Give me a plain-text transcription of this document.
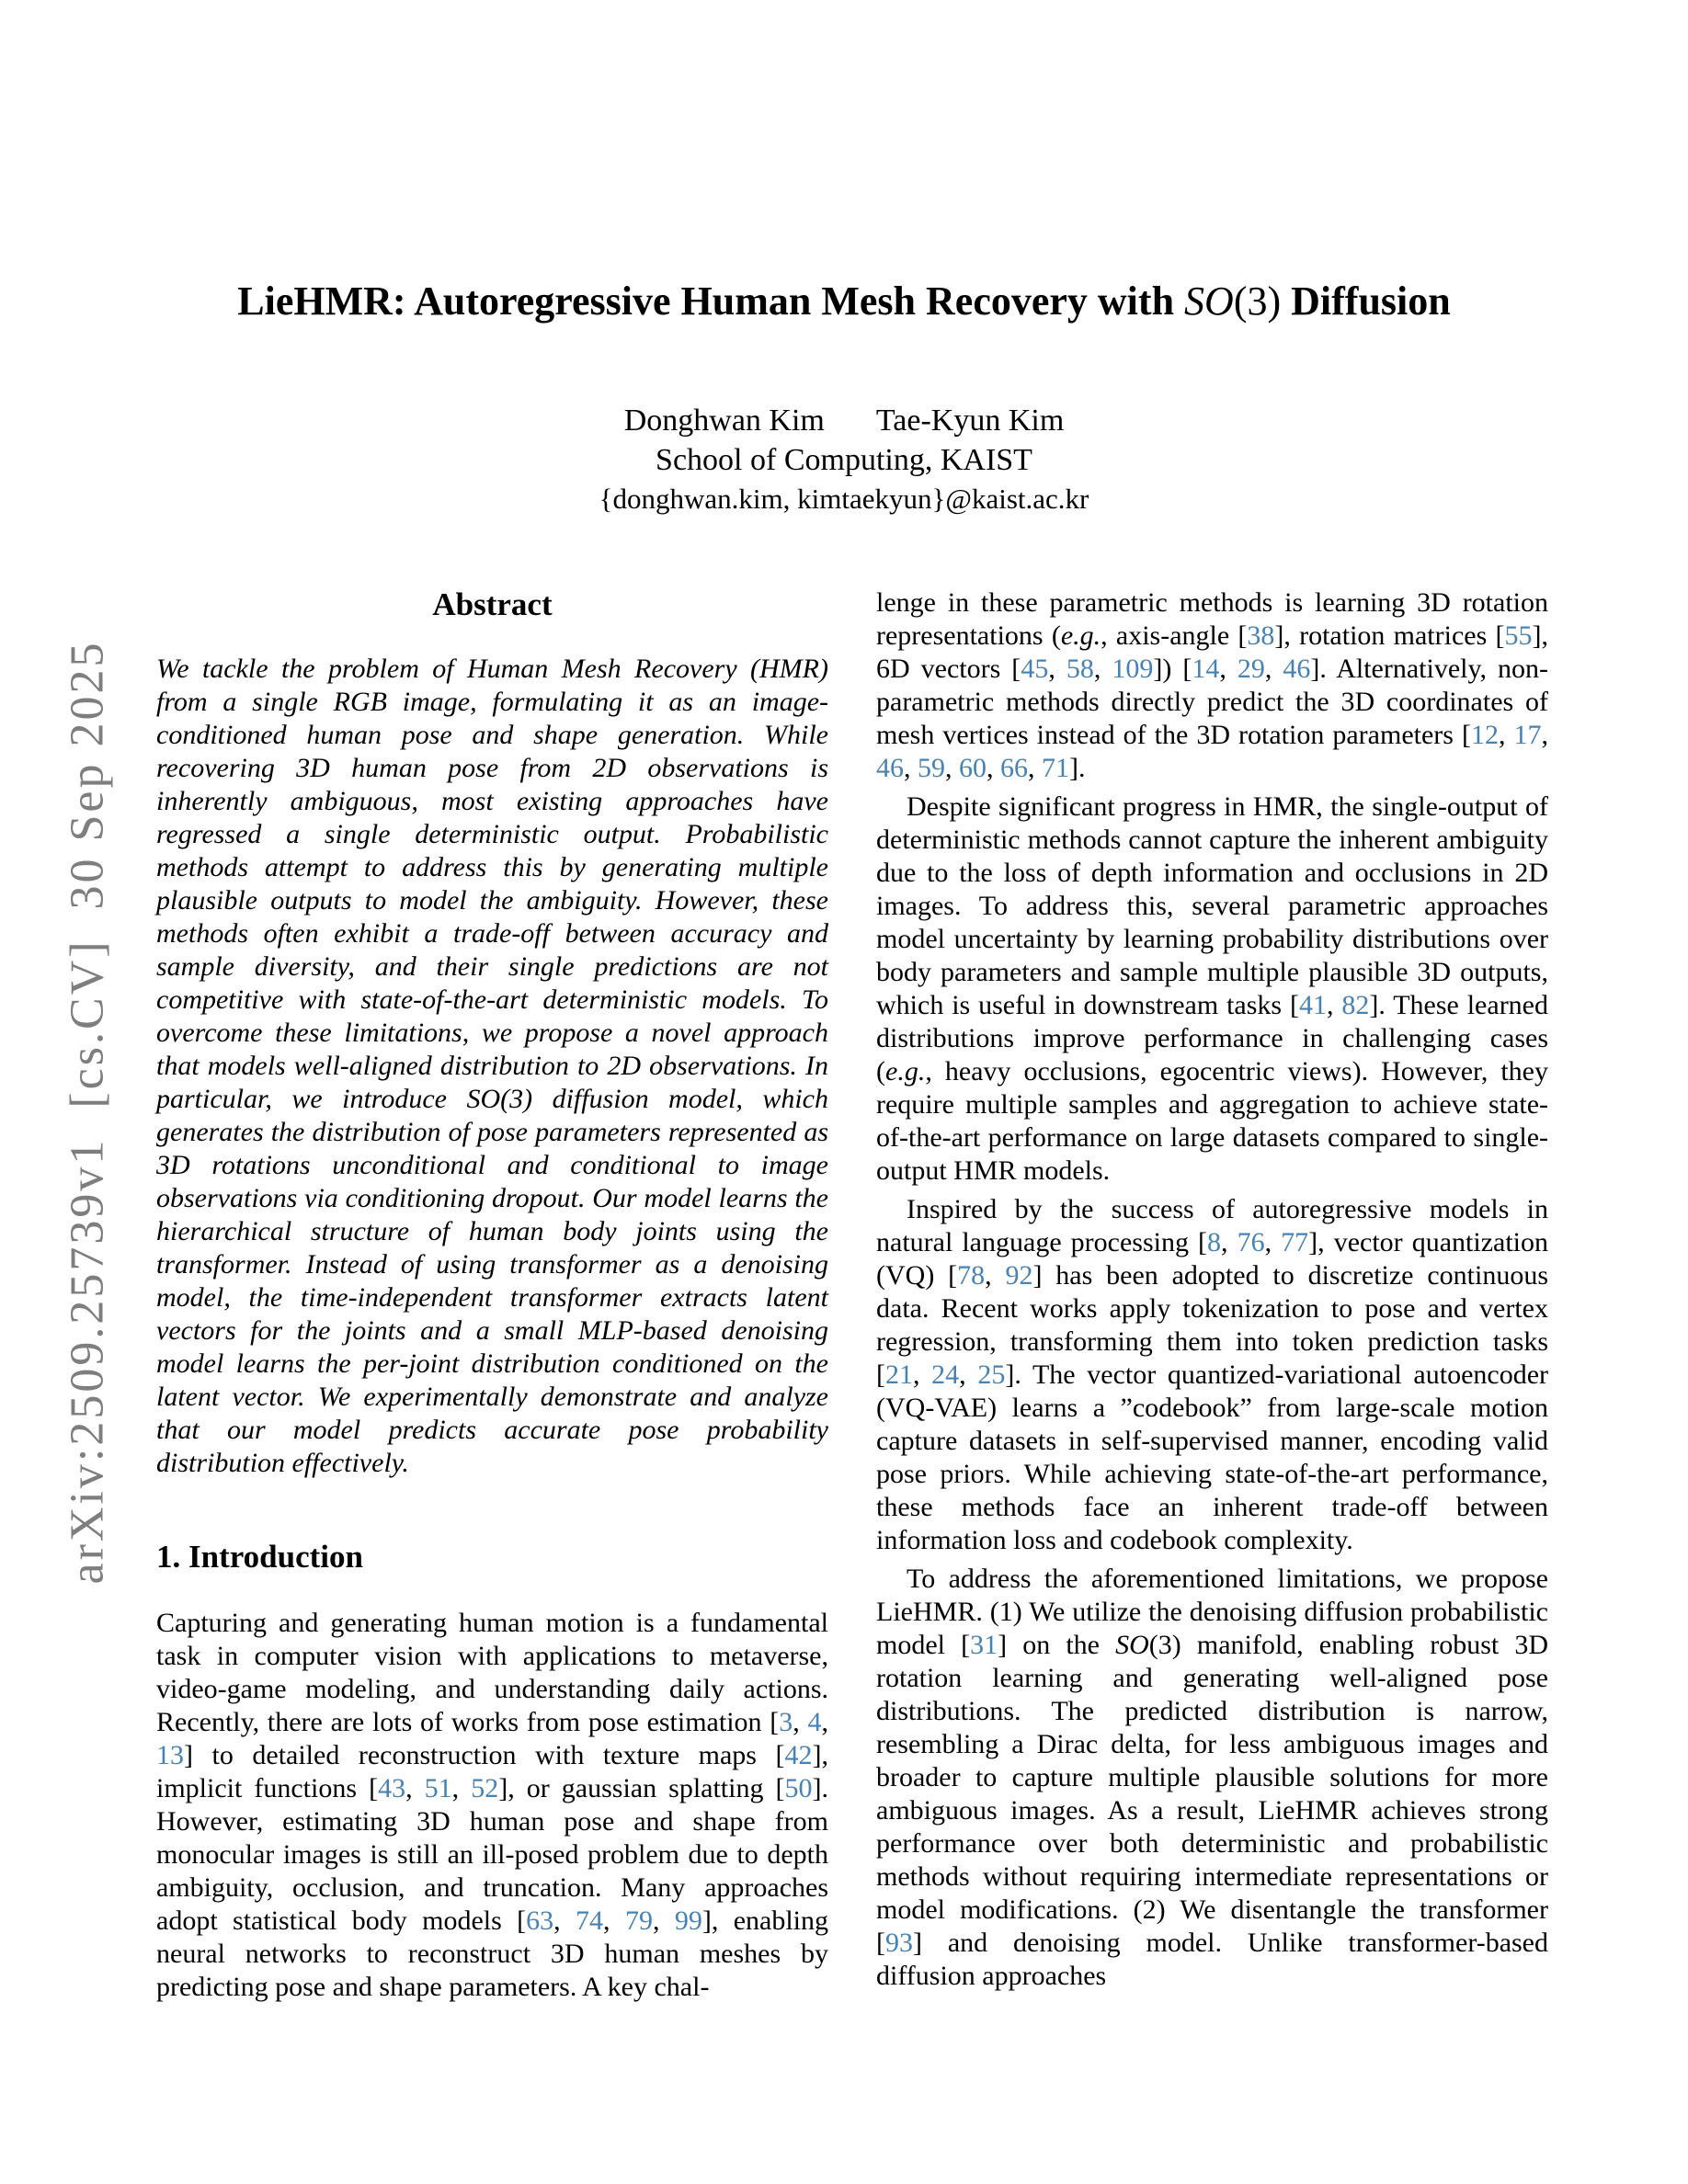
arXiv:2509.25739v1  [cs.CV]  30 Sep 2025
LieHMR: Autoregressive Human Mesh Recovery with SO(3) Diffusion
Donghwan Kim Tae-Kyun Kim
School of Computing, KAIST
{donghwan.kim, kimtaekyun}@kaist.ac.kr
Abstract

We tackle the problem of Human Mesh Recovery (HMR) from a single RGB image, formulating it as an image-conditioned human pose and shape generation. While recovering 3D human pose from 2D observations is inherently ambiguous, most existing approaches have regressed a single deterministic output. Probabilistic methods attempt to address this by generating multiple plausible outputs to model the ambiguity. However, these methods often exhibit a trade-off between accuracy and sample diversity, and their single predictions are not competitive with state-of-the-art deterministic models. To overcome these limitations, we propose a novel approach that models well-aligned distribution to 2D observations. In particular, we introduce SO(3) diffusion model, which generates the distribution of pose parameters represented as 3D rotations unconditional and conditional to image observations via conditioning dropout. Our model learns the hierarchical structure of human body joints using the transformer. Instead of using transformer as a denoising model, the time-independent transformer extracts latent vectors for the joints and a small MLP-based denoising model learns the per-joint distribution conditioned on the latent vector. We experimentally demonstrate and analyze that our model predicts accurate pose probability distribution effectively.

1. Introduction

Capturing and generating human motion is a fundamental task in computer vision with applications to metaverse, video-game modeling, and understanding daily actions. Recently, there are lots of works from pose estimation [3, 4, 13] to detailed reconstruction with texture maps [42], implicit functions [43, 51, 52], or gaussian splatting [50]. However, estimating 3D human pose and shape from monocular images is still an ill-posed problem due to depth ambiguity, occlusion, and truncation. Many approaches adopt statistical body models [63, 74, 79, 99], enabling neural networks to reconstruct 3D human meshes by predicting pose and shape parameters. A key chal-

lenge in these parametric methods is learning 3D rotation representations (e.g., axis-angle [38], rotation matrices [55], 6D vectors [45, 58, 109]) [14, 29, 46]. Alternatively, non-parametric methods directly predict the 3D coordinates of mesh vertices instead of the 3D rotation parameters [12, 17, 46, 59, 60, 66, 71].

Despite significant progress in HMR, the single-output of deterministic methods cannot capture the inherent ambiguity due to the loss of depth information and occlusions in 2D images. To address this, several parametric approaches model uncertainty by learning probability distributions over body parameters and sample multiple plausible 3D outputs, which is useful in downstream tasks [41, 82]. These learned distributions improve performance in challenging cases (e.g., heavy occlusions, egocentric views). However, they require multiple samples and aggregation to achieve state-of-the-art performance on large datasets compared to single-output HMR models.

Inspired by the success of autoregressive models in natural language processing [8, 76, 77], vector quantization (VQ) [78, 92] has been adopted to discretize continuous data. Recent works apply tokenization to pose and vertex regression, transforming them into token prediction tasks [21, 24, 25]. The vector quantized-variational autoencoder (VQ-VAE) learns a ”codebook” from large-scale motion capture datasets in self-supervised manner, encoding valid pose priors. While achieving state-of-the-art performance, these methods face an inherent trade-off between information loss and codebook complexity.

To address the aforementioned limitations, we propose LieHMR. (1) We utilize the denoising diffusion probabilistic model [31] on the SO(3) manifold, enabling robust 3D rotation learning and generating well-aligned pose distributions. The predicted distribution is narrow, resembling a Dirac delta, for less ambiguous images and broader to capture multiple plausible solutions for more ambiguous images. As a result, LieHMR achieves strong performance over both deterministic and probabilistic methods without requiring intermediate representations or model modifications. (2) We disentangle the transformer [93] and denoising model. Unlike transformer-based diffusion approaches
